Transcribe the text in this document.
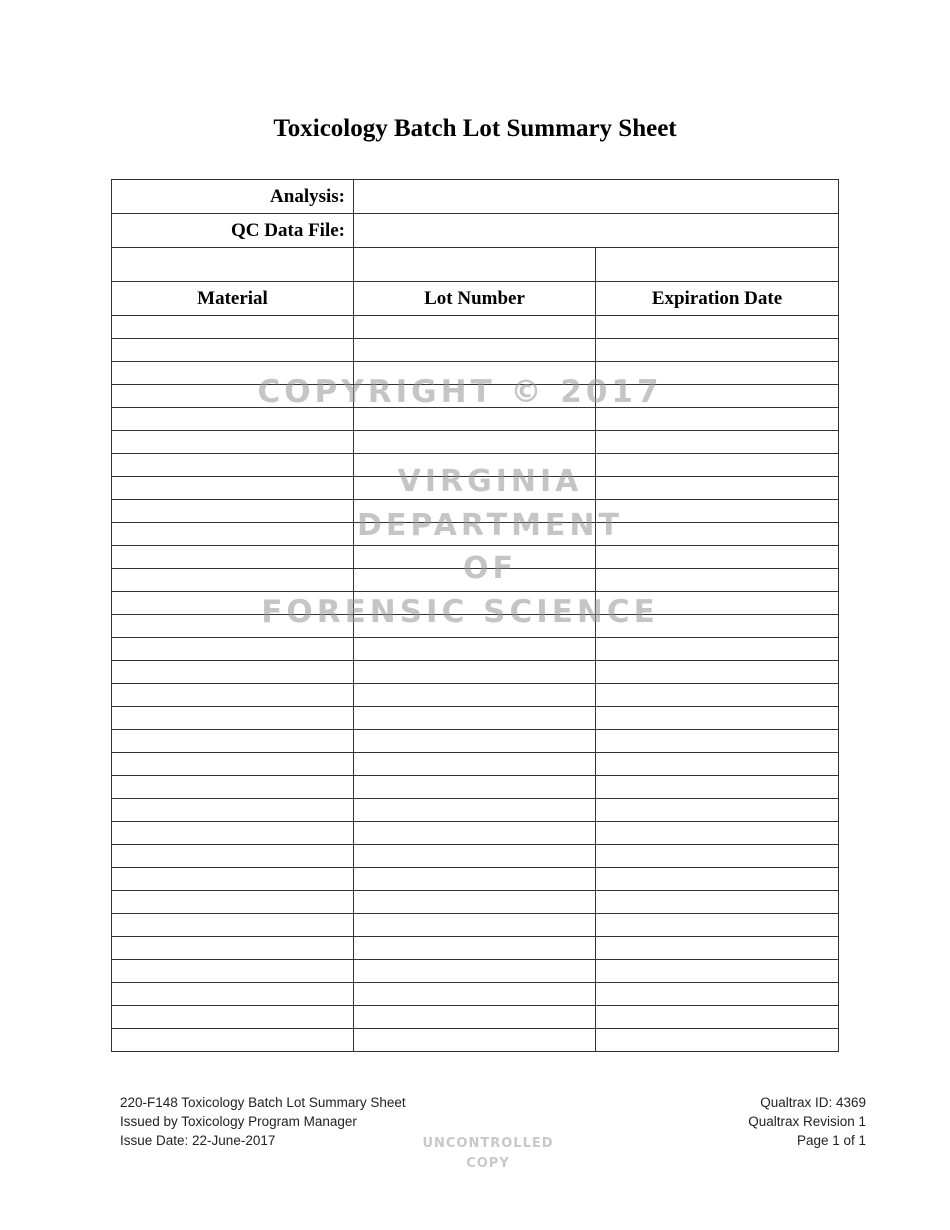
Toxicology Batch Lot Summary Sheet
Analysis:		
QC Data File:		

Material	Lot Number	Expiration Date

COPYRIGHT © 2017
VIRGINIA
DEPARTMENT
OF
FORENSIC SCIENCE
220-F148 Toxicology Batch Lot Summary Sheet
Issued by Toxicology Program Manager
Issue Date: 22-June-2017	UNCONTROLLED
COPY
Qualtrax ID: 4369
Qualtrax Revision 1
Page 1 of 1
